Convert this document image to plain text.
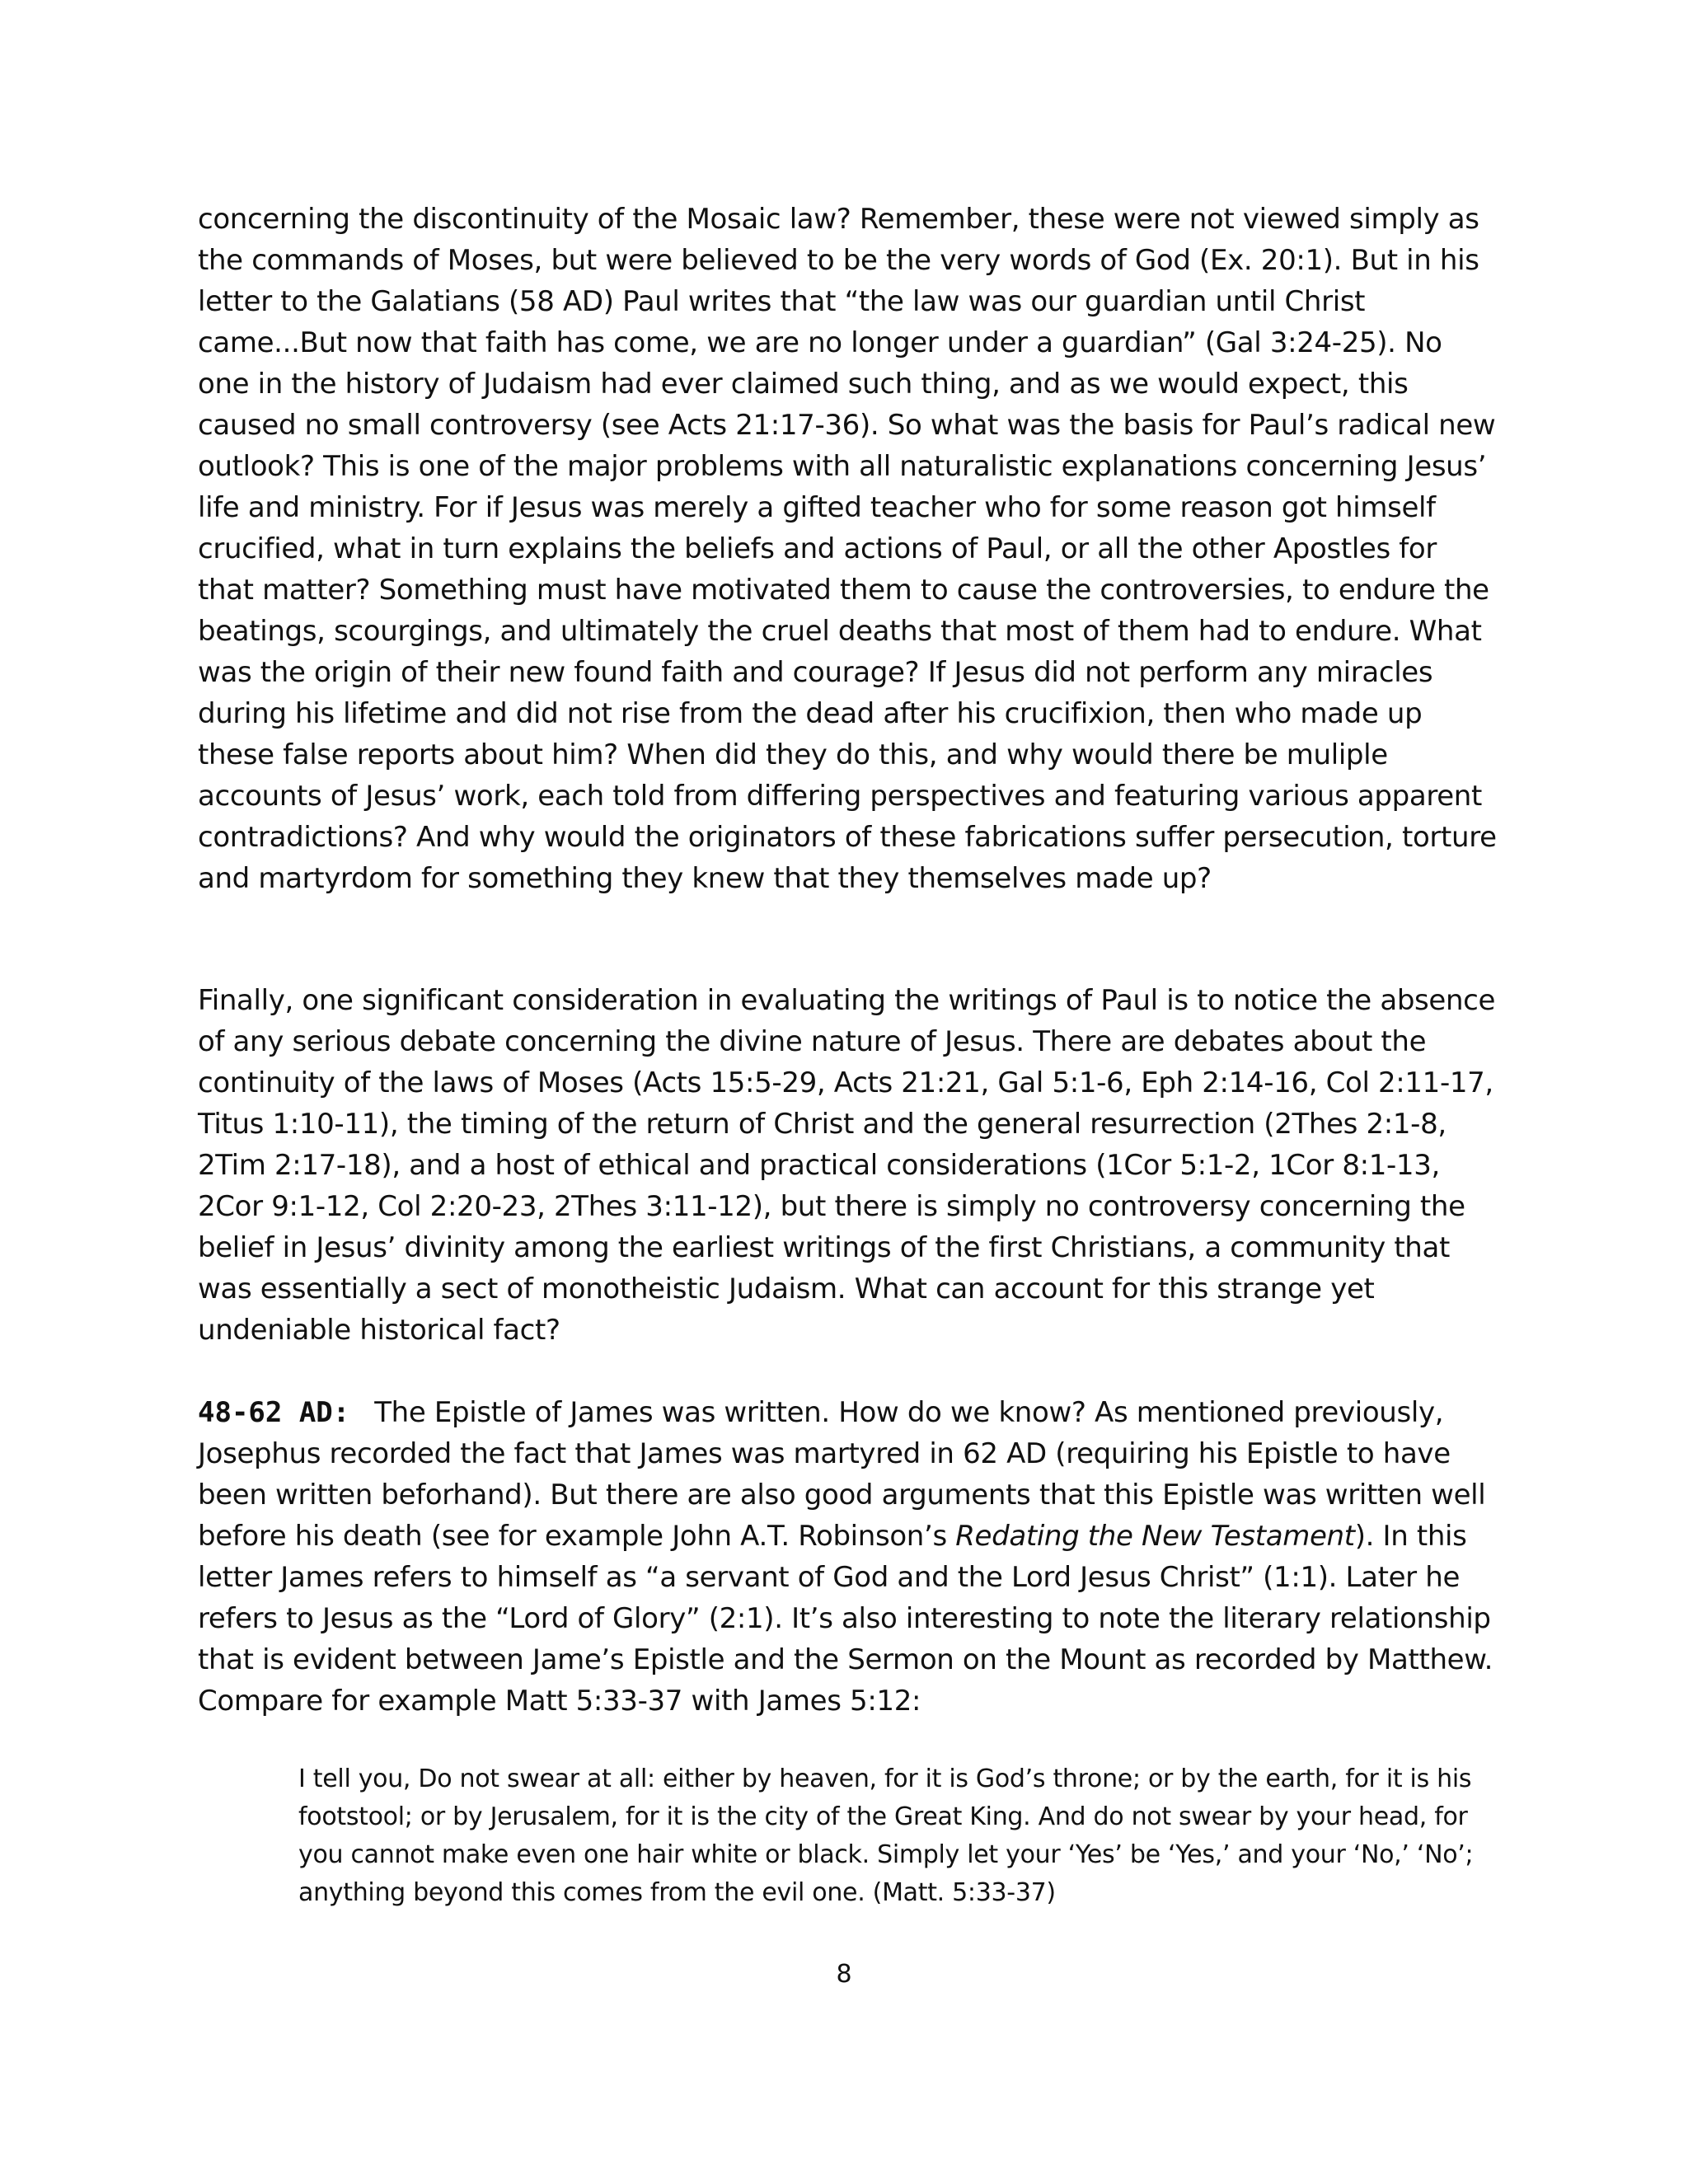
concerning the discontinuity of the Mosaic law? Remember, these were not viewed simply as the commands of Moses, but were believed to be the very words of God (Ex. 20:1). But in his letter to the Galatians (58 AD) Paul writes that “the law was our guardian until Christ came...But now that faith has come, we are no longer under a guardian” (Gal 3:24-25). No one in the history of Judaism had ever claimed such thing, and as we would expect, this caused no small controversy (see Acts 21:17-36). So what was the basis for Paul’s radical new outlook? This is one of the major problems with all naturalistic explanations concerning Jesus’ life and ministry. For if Jesus was merely a gifted teacher who for some reason got himself crucified, what in turn explains the beliefs and actions of Paul, or all the other Apostles for that matter? Something must have motivated them to cause the controversies, to endure the beatings, scourgings, and ultimately the cruel deaths that most of them had to endure. What was the origin of their new found faith and courage? If Jesus did not perform any miracles during his lifetime and did not rise from the dead after his crucifixion, then who made up these false reports about him? When did they do this, and why would there be muliple accounts of Jesus’ work, each told from differing perspectives and featuring various apparent contradictions? And why would the originators of these fabrications suffer persecution, torture and martyrdom for something they knew that they themselves made up?

Finally, one significant consideration in evaluating the writings of Paul is to notice the absence of any serious debate concerning the divine nature of Jesus. There are debates about the continuity of the laws of Moses (Acts 15:5-29, Acts 21:21, Gal 5:1-6, Eph 2:14-16, Col 2:11-17, Titus 1:10-11), the timing of the return of Christ and the general resurrection (2Thes 2:1-8, 2Tim 2:17-18), and a host of ethical and practical considerations (1Cor 5:1-2, 1Cor 8:1-13, 2Cor 9:1-12, Col 2:20-23, 2Thes 3:11-12), but there is simply no controversy concerning the belief in Jesus’ divinity among the earliest writings of the first Christians, a community that was essentially a sect of monotheistic Judaism. What can account for this strange yet undeniable historical fact?

48-62 AD: The Epistle of James was written. How do we know? As mentioned previously, Josephus recorded the fact that James was martyred in 62 AD (requiring his Epistle to have been written beforhand). But there are also good arguments that this Epistle was written well before his death (see for example John A.T. Robinson’s Redating the New Testament). In this letter James refers to himself as “a servant of God and the Lord Jesus Christ” (1:1). Later he refers to Jesus as the “Lord of Glory” (2:1). It’s also interesting to note the literary relationship that is evident between Jame’s Epistle and the Sermon on the Mount as recorded by Matthew. Compare for example Matt 5:33-37 with James 5:12:

I tell you, Do not swear at all: either by heaven, for it is God’s throne; or by the earth, for it is his footstool; or by Jerusalem, for it is the city of the Great King. And do not swear by your head, for you cannot make even one hair white or black. Simply let your ‘Yes’ be ‘Yes,’ and your ‘No,’ ‘No’; anything beyond this comes from the evil one. (Matt. 5:33-37)

8
